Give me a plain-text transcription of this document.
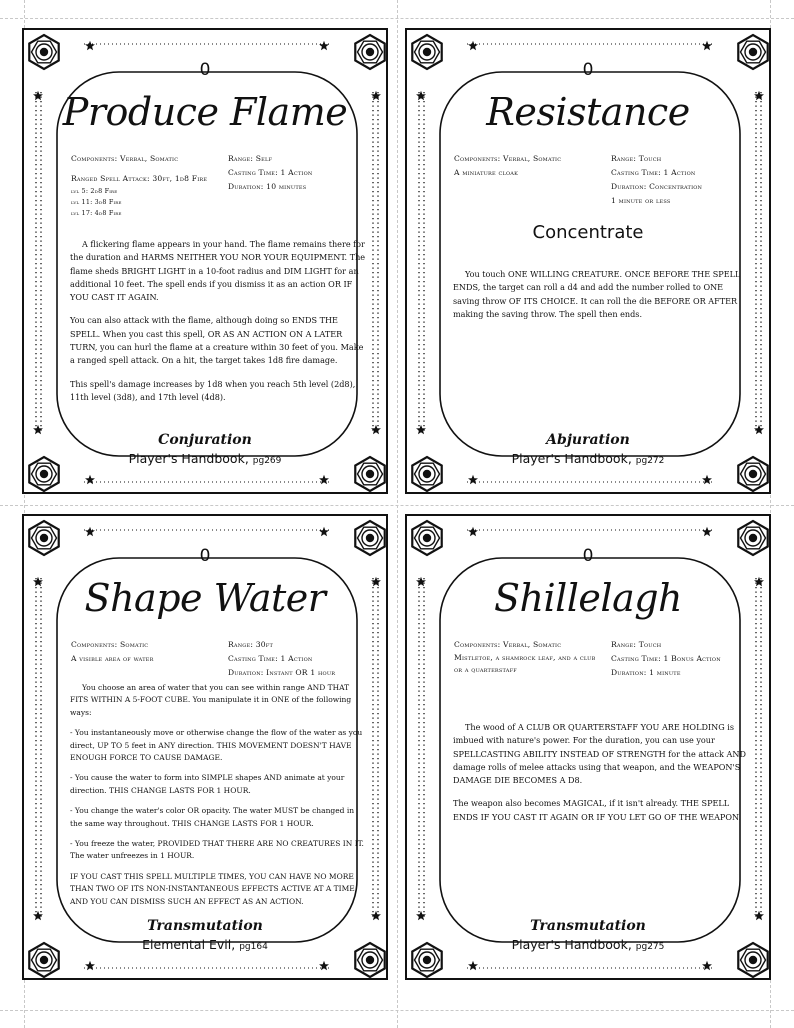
0
Produce Flame
Components: Verbal, Somatic
Ranged Spell Attack: 30ft, 1d8 Fire
lvl 5: 2d8 Fire
lvl 11: 3d8 Fire
lvl 17: 4d8 Fire
Range: Self
Casting Time: 1 Action
Duration: 10 minutes

A flickering flame appears in your hand. The flame remains there for the duration and HARMS NEITHER YOU NOR YOUR EQUIPMENT. The flame sheds BRIGHT LIGHT in a 10-foot radius and DIM LIGHT for an additional 10 feet. The spell ends if you dismiss it as an action OR IF YOU CAST IT AGAIN.

You can also attack with the flame, although doing so ENDS THE SPELL. When you cast this spell, OR AS AN ACTION ON A LATER TURN, you can hurl the flame at a creature within 30 feet of you. Make a ranged spell attack. On a hit, the target takes 1d8 fire damage.

This spell's damage increases by 1d8 when you reach 5th level (2d8), 11th level (3d8), and 17th level (4d8).

Conjuration
Player's Handbook, pg269
0
Resistance
Components: Verbal, Somatic
A miniature cloak
Range: Touch
Casting Time: 1 Action
Duration: Concentration
1 minute or less
Concentrate

You touch ONE WILLING CREATURE. ONCE BEFORE THE SPELL ENDS, the target can roll a d4 and add the number rolled to ONE saving throw OF ITS CHOICE. It can roll the die BEFORE OR AFTER making the saving throw. The spell then ends.

Abjuration
Player's Handbook, pg272
0
Shape Water
Components: Somatic
A visible area of water
Range: 30ft
Casting Time: 1 Action
Duration: Instant OR 1 hour

You choose an area of water that you can see within range AND THAT FITS WITHIN A 5-FOOT CUBE. You manipulate it in ONE of the following ways:

- You instantaneously move or otherwise change the flow of the water as you direct, UP TO 5 feet in ANY direction. THIS MOVEMENT DOESN'T HAVE ENOUGH FORCE TO CAUSE DAMAGE.

- You cause the water to form into SIMPLE shapes AND animate at your direction. THIS CHANGE LASTS FOR 1 HOUR.

- You change the water's color OR opacity. The water MUST be changed in the same way throughout. THIS CHANGE LASTS FOR 1 HOUR.

- You freeze the water, PROVIDED THAT THERE ARE NO CREATURES IN IT. The water unfreezes in 1 HOUR.

IF YOU CAST THIS SPELL MULTIPLE TIMES, YOU CAN HAVE NO MORE THAN TWO OF ITS NON-INSTANTANEOUS EFFECTS ACTIVE AT A TIME, AND YOU CAN DISMISS SUCH AN EFFECT AS AN ACTION.

Transmutation
Elemental Evil, pg164
0
Shillelagh
Components: Verbal, Somatic
Mistletoe, a shamrock leaf, and a club or a quarterstaff
Range: Touch
Casting Time: 1 Bonus Action
Duration: 1 minute

The wood of A CLUB OR QUARTERSTAFF YOU ARE HOLDING is imbued with nature's power. For the duration, you can use your SPELLCASTING ABILITY INSTEAD OF STRENGTH for the attack AND damage rolls of melee attacks using that weapon, and the WEAPON'S DAMAGE DIE BECOMES A D8.

The weapon also becomes MAGICAL, if it isn't already. THE SPELL ENDS IF YOU CAST IT AGAIN OR IF YOU LET GO OF THE WEAPON.

Transmutation
Player's Handbook, pg275
